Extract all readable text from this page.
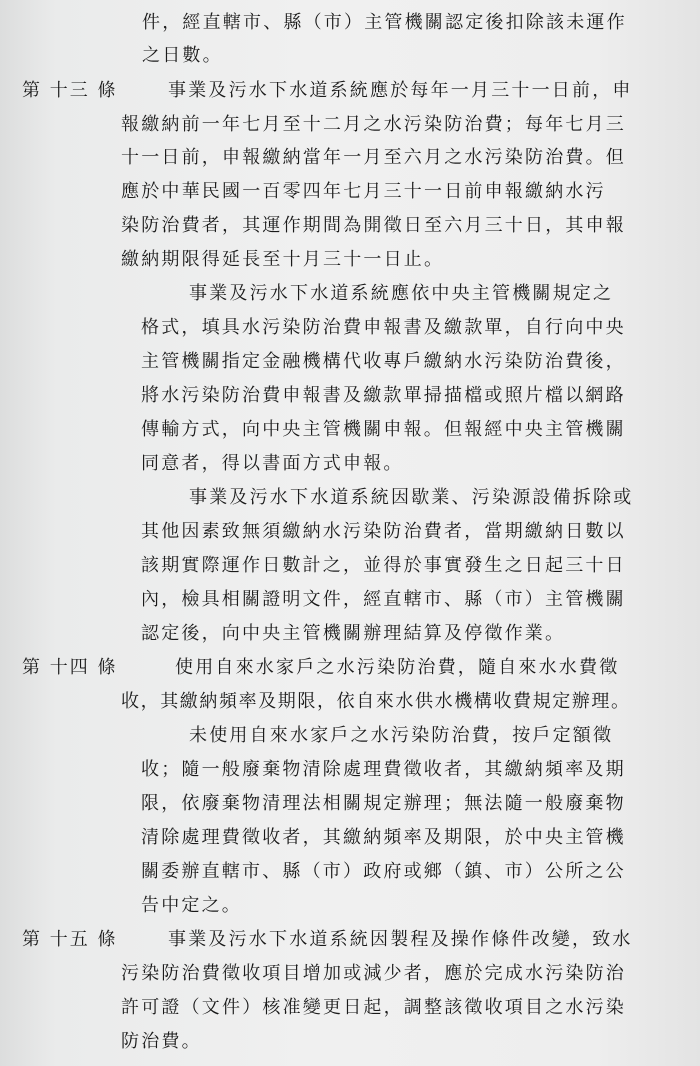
件，經直轄市、縣（市）主管機關認定後扣除該未運作
之日數。
第 十三 條	事業及污水下水道系統應於每年一月三十一日前，申
報繳納前一年七月至十二月之水污染防治費；每年七月三
十一日前，申報繳納當年一月至六月之水污染防治費。但
應於中華民國一百零四年七月三十一日前申報繳納水污
染防治費者，其運作期間為開徵日至六月三十日，其申報
繳納期限得延長至十月三十一日止。
事業及污水下水道系統應依中央主管機關規定之
格式，填具水污染防治費申報書及繳款單，自行向中央
主管機關指定金融機構代收專戶繳納水污染防治費後，
將水污染防治費申報書及繳款單掃描檔或照片檔以網路
傳輸方式，向中央主管機關申報。但報經中央主管機關
同意者，得以書面方式申報。
事業及污水下水道系統因歇業、污染源設備拆除或
其他因素致無須繳納水污染防治費者，當期繳納日數以
該期實際運作日數計之，並得於事實發生之日起三十日
內，檢具相關證明文件，經直轄市、縣（市）主管機關
認定後，向中央主管機關辦理結算及停徵作業。
第 十四 條	使用自來水家戶之水污染防治費，隨自來水水費徵
收，其繳納頻率及期限，依自來水供水機構收費規定辦理。
未使用自來水家戶之水污染防治費，按戶定額徵
收；隨一般廢棄物清除處理費徵收者，其繳納頻率及期
限，依廢棄物清理法相關規定辦理；無法隨一般廢棄物
清除處理費徵收者，其繳納頻率及期限，於中央主管機
關委辦直轄市、縣（市）政府或鄉（鎮、市）公所之公
告中定之。
第 十五 條	事業及污水下水道系統因製程及操作條件改變，致水
污染防治費徵收項目增加或減少者，應於完成水污染防治
許可證（文件）核准變更日起，調整該徵收項目之水污染
防治費。
